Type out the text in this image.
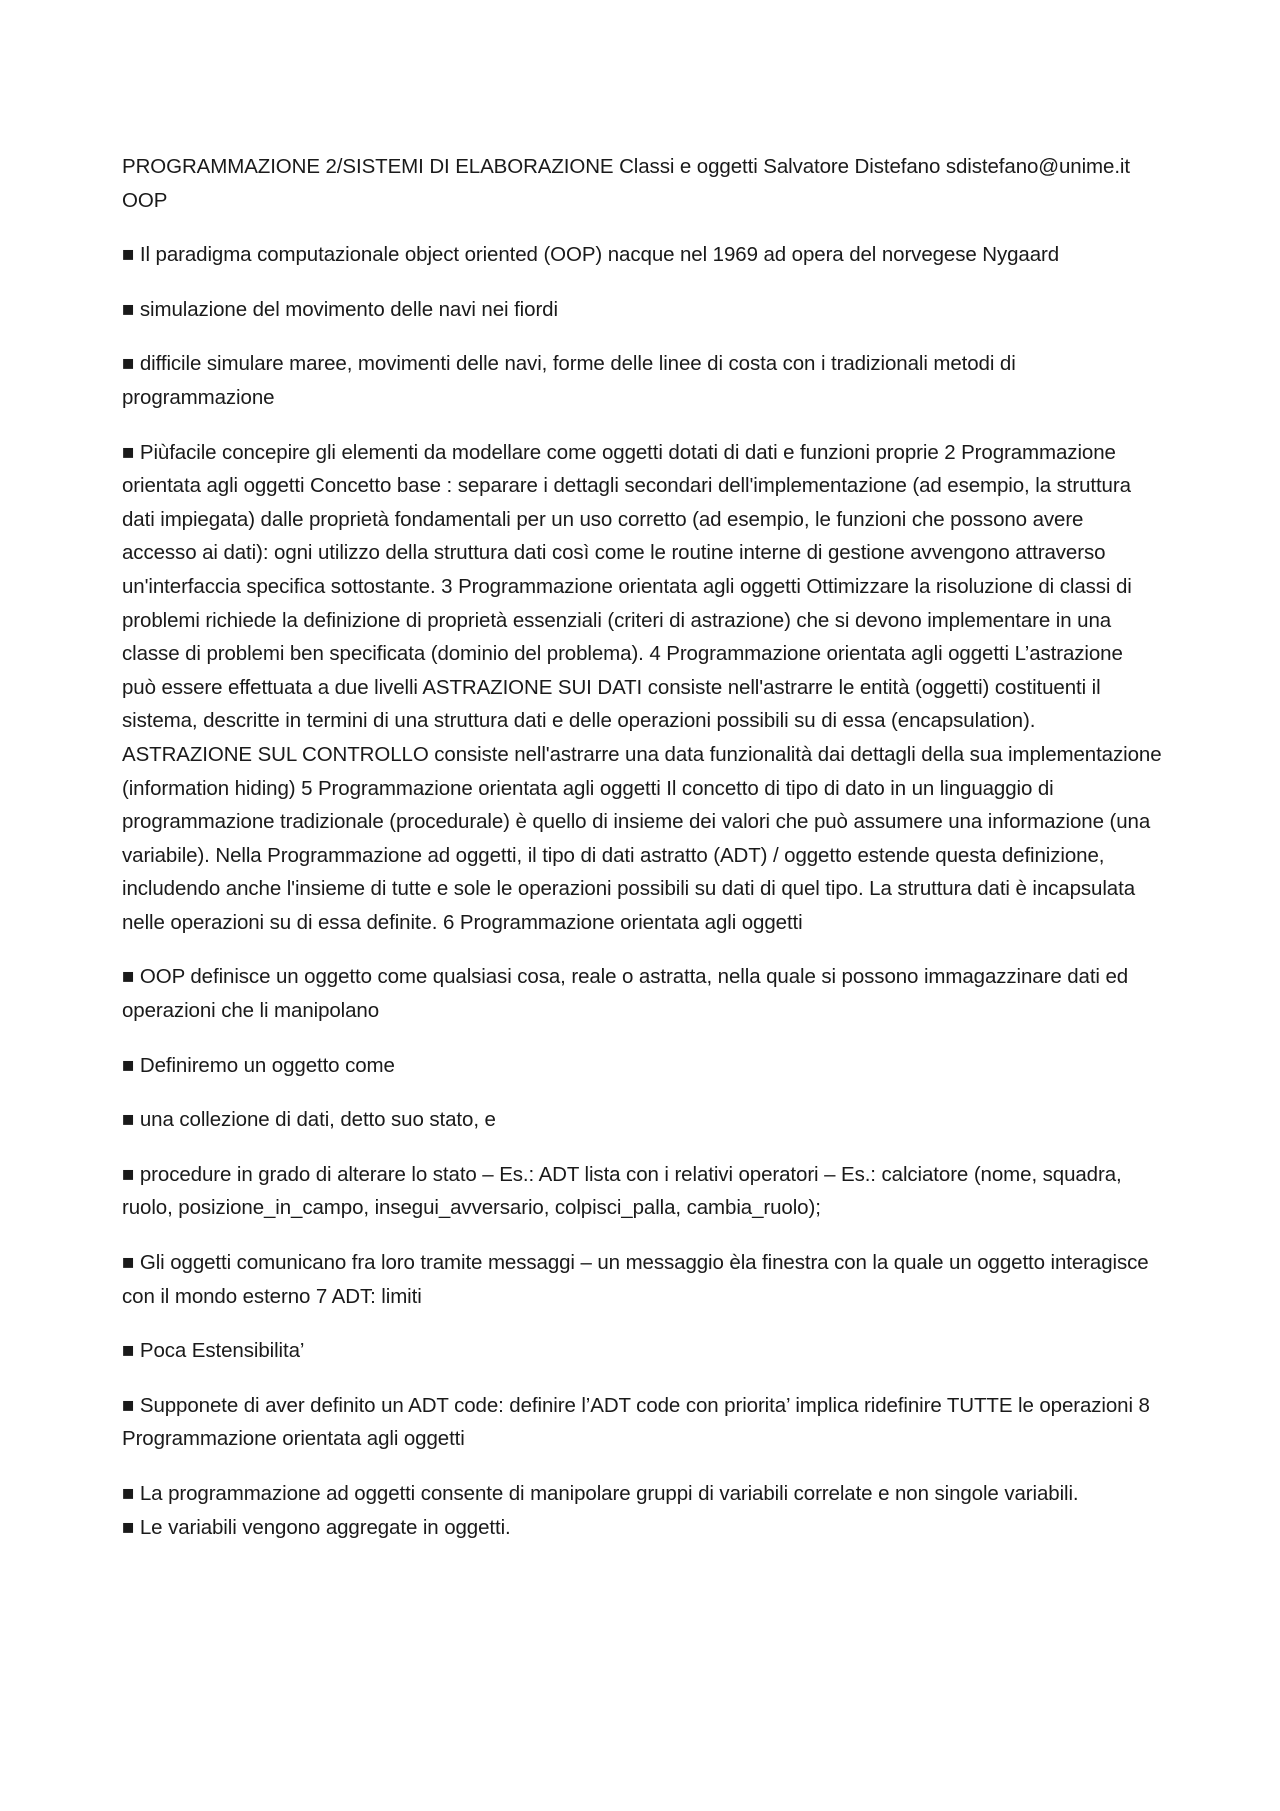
PROGRAMMAZIONE 2/SISTEMI DI ELABORAZIONE Classi e oggetti Salvatore Distefano sdistefano@unime.it OOP

■ Il paradigma computazionale object oriented (OOP) nacque nel 1969 ad opera del norvegese Nygaard

■ simulazione del movimento delle navi nei fiordi

■ difficile simulare maree, movimenti delle navi, forme delle linee di costa con i tradizionali metodi di programmazione

■ Piùfacile concepire gli elementi da modellare come oggetti dotati di dati e funzioni proprie 2 Programmazione orientata agli oggetti Concetto base : separare i dettagli secondari dell'implementazione (ad esempio, la struttura dati impiegata) dalle proprietà fondamentali per un uso corretto (ad esempio, le funzioni che possono avere accesso ai dati): ogni utilizzo della struttura dati così come le routine interne di gestione avvengono attraverso un'interfaccia specifica sottostante. 3 Programmazione orientata agli oggetti Ottimizzare la risoluzione di classi di problemi richiede la definizione di proprietà essenziali (criteri di astrazione) che si devono implementare in una classe di problemi ben specificata (dominio del problema). 4 Programmazione orientata agli oggetti L’astrazione può essere effettuata a due livelli ASTRAZIONE SUI DATI consiste nell'astrarre le entità (oggetti) costituenti il sistema, descritte in termini di una struttura dati e delle operazioni possibili su di essa (encapsulation). ASTRAZIONE SUL CONTROLLO consiste nell'astrarre una data funzionalità dai dettagli della sua implementazione (information hiding) 5 Programmazione orientata agli oggetti Il concetto di tipo di dato in un linguaggio di programmazione tradizionale (procedurale) è quello di insieme dei valori che può assumere una informazione (una variabile). Nella Programmazione ad oggetti, il tipo di dati astratto (ADT) / oggetto estende questa definizione, includendo anche l'insieme di tutte e sole le operazioni possibili su dati di quel tipo. La struttura dati è incapsulata nelle operazioni su di essa definite. 6 Programmazione orientata agli oggetti

■ OOP definisce un oggetto come qualsiasi cosa, reale o astratta, nella quale si possono immagazzinare dati ed operazioni che li manipolano

■ Definiremo un oggetto come

■ una collezione di dati, detto suo stato, e

■ procedure in grado di alterare lo stato – Es.: ADT lista con i relativi operatori – Es.: calciatore (nome, squadra, ruolo, posizione_in_campo, insegui_avversario, colpisci_palla, cambia_ruolo);

■ Gli oggetti comunicano fra loro tramite messaggi – un messaggio èla finestra con la quale un oggetto interagisce con il mondo esterno 7 ADT: limiti

■ Poca Estensibilita’

■ Supponete di aver definito un ADT code: definire l’ADT code con priorita’ implica ridefinire TUTTE le operazioni 8 Programmazione orientata agli oggetti

■ La programmazione ad oggetti consente di manipolare gruppi di variabili correlate e non singole variabili.

■ Le variabili vengono aggregate in oggetti.
